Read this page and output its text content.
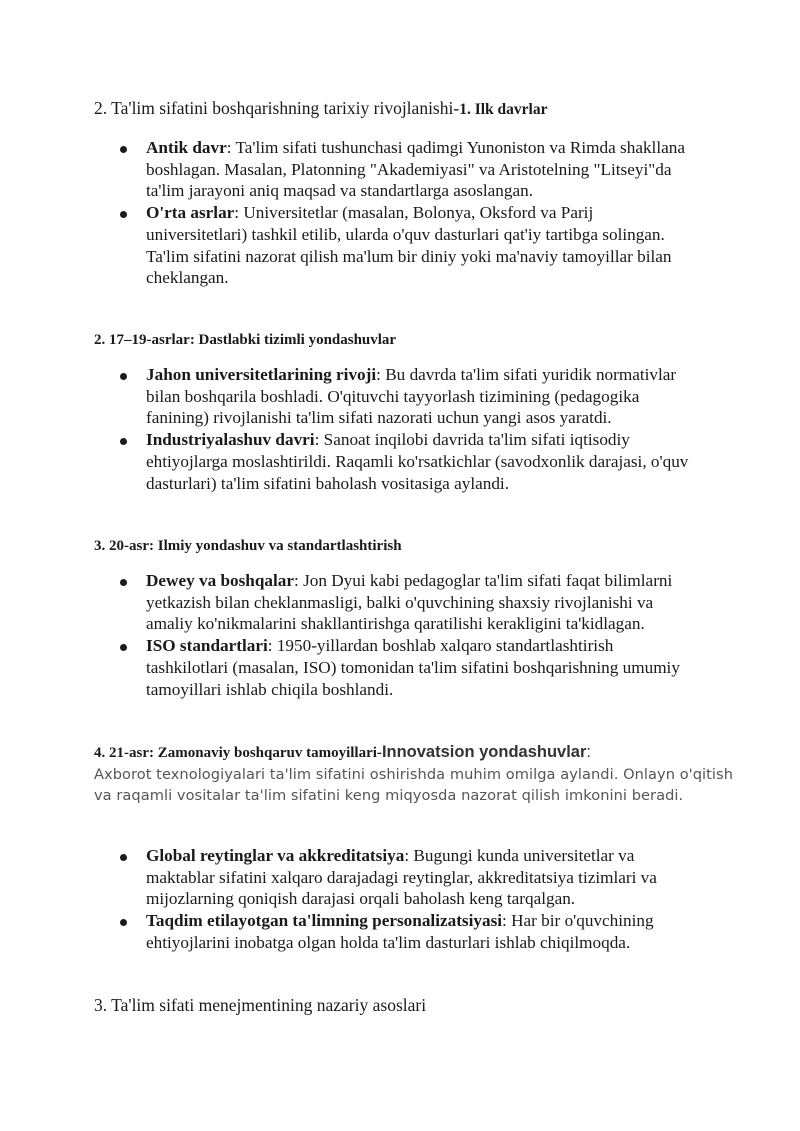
2. Ta'lim sifatini boshqarishning tarixiy rivojlanishi-1. Ilk davrlar
Antik davr: Ta'lim sifati tushunchasi qadimgi Yunoniston va Rimda shakllana boshlagan. Masalan, Platonning "Akademiyasi" va Aristotelning "Litseyi"da ta'lim jarayoni aniq maqsad va standartlarga asoslangan.
O'rta asrlar: Universitetlar (masalan, Bolonya, Oksford va Parij universitetlari) tashkil etilib, ularda o'quv dasturlari qat'iy tartibga solingan. Ta'lim sifatini nazorat qilish ma'lum bir diniy yoki ma'naviy tamoyillar bilan cheklangan.
2. 17–19-asrlar: Dastlabki tizimli yondashuvlar
Jahon universitetlarining rivoji: Bu davrda ta'lim sifati yuridik normativlar bilan boshqarila boshladi. O'qituvchi tayyorlash tizimining (pedagogika fanining) rivojlanishi ta'lim sifati nazorati uchun yangi asos yaratdi.
Industriyalashuv davri: Sanoat inqilobi davrida ta'lim sifati iqtisodiy ehtiyojlarga moslashtirildi. Raqamli ko'rsatkichlar (savodxonlik darajasi, o'quv dasturlari) ta'lim sifatini baholash vositasiga aylandi.
3. 20-asr: Ilmiy yondashuv va standartlashtirish
Dewey va boshqalar: Jon Dyui kabi pedagoglar ta'lim sifati faqat bilimlarni yetkazish bilan cheklanmasligi, balki o'quvchining shaxsiy rivojlanishi va amaliy ko'nikmalarini shakllantirishga qaratilishi kerakligini ta'kidlagan.
ISO standartlari: 1950-yillardan boshlab xalqaro standartlashtirish tashkilotlari (masalan, ISO) tomonidan ta'lim sifatini boshqarishning umumiy tamoyillari ishlab chiqila boshlandi.
4. 21-asr: Zamonaviy boshqaruv tamoyillari-Innovatsion yondashuvlar:
Axborot texnologiyalari ta'lim sifatini oshirishda muhim omilga aylandi. Onlayn o'qitish va raqamli vositalar ta'lim sifatini keng miqyosda nazorat qilish imkonini beradi.
Global reytinglar va akkreditatsiya: Bugungi kunda universitetlar va maktablar sifatini xalqaro darajadagi reytinglar, akkreditatsiya tizimlari va mijozlarning qoniqish darajasi orqali baholash keng tarqalgan.
Taqdim etilayotgan ta'limning personalizatsiyasi: Har bir o'quvchining ehtiyojlarini inobatga olgan holda ta'lim dasturlari ishlab chiqilmoqda.
3. Ta'lim sifati menejmentining nazariy asoslari
